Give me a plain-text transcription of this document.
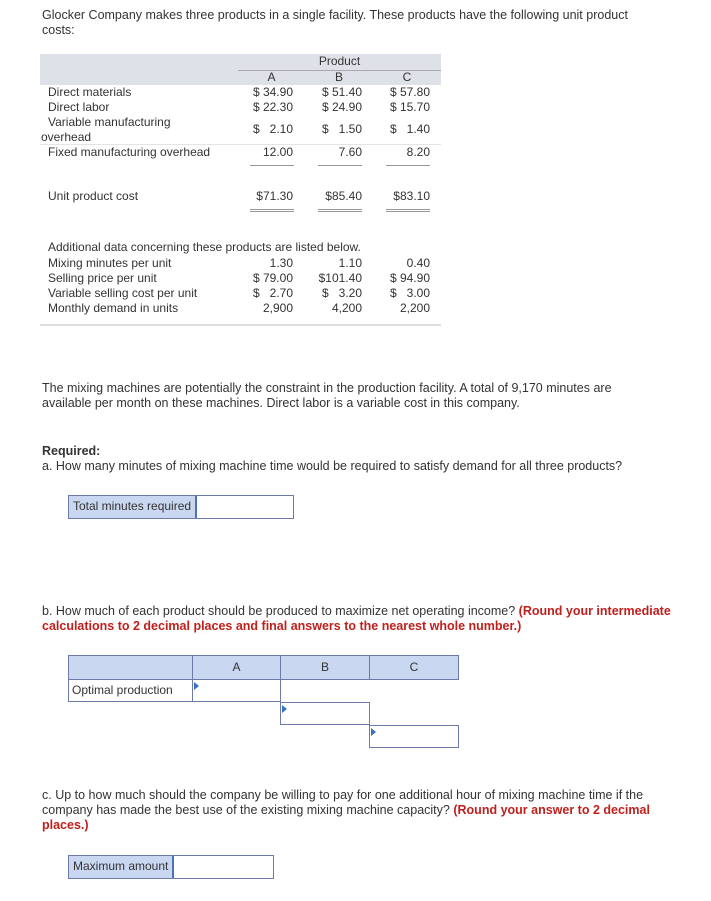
Glocker Company makes three products in a single facility. These products have the following unit product costs:
Product
A	B	C
Direct materials	$ 34.90	$ 51.40	$ 57.80
Direct labor	$ 22.30	$ 24.90	$ 15.70
Variable manufacturing
overhead
$   2.10	$   1.50	$   1.40
Fixed manufacturing overhead	12.00	7.60	8.20
Unit product cost	$71.30	$85.40	$83.10
Additional data concerning these products are listed below.
Mixing minutes per unit	1.30	1.10	0.40
Selling price per unit	$ 79.00	$101.40	$ 94.90
Variable selling cost per unit	$   2.70	$   3.20	$   3.00
Monthly demand in units	2,900	4,200	2,200
The mixing machines are potentially the constraint in the production facility. A total of 9,170 minutes are available per month on these machines. Direct labor is a variable cost in this company.
Required:
a. How many minutes of mixing machine time would be required to satisfy demand for all three products?
Total minutes required
b. How much of each product should be produced to maximize net operating income? (Round your intermediate calculations to 2 decimal places and final answers to the nearest whole number.)
A	B	C
Optimal production
c. Up to how much should the company be willing to pay for one additional hour of mixing machine time if the company has made the best use of the existing mixing machine capacity? (Round your answer to 2 decimal places.)
Maximum amount
